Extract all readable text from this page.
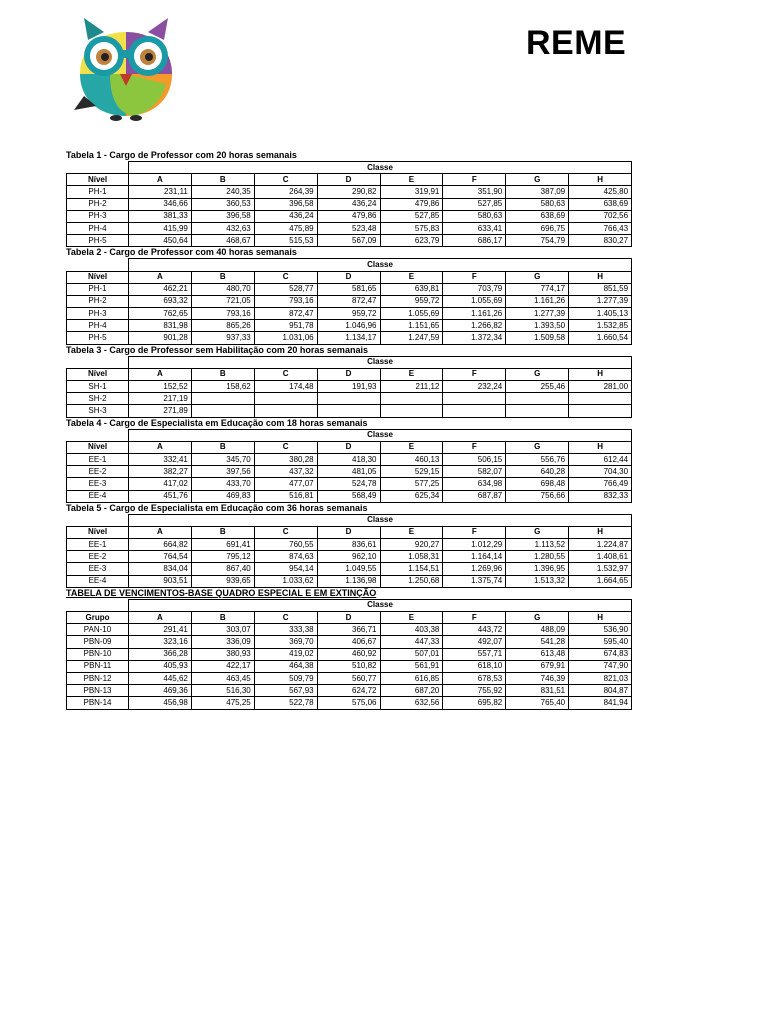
REME
Tabela 1 - Cargo de Professor com 20 horas semanais
	Classe							
Nível	A	B	C	D	E	F	G	H
PH-1	231,11	240,35	264,39	290,82	319,91	351,90	387,09	425,80
PH-2	346,66	360,53	396,58	436,24	479,86	527,85	580,63	638,69
PH-3	381,33	396,58	436,24	479,86	527,85	580,63	638,69	702,56
PH-4	415,99	432,63	475,89	523,48	575,83	633,41	696,75	766,43
PH-5	450,64	468,67	515,53	567,09	623,79	686,17	754,79	830,27
Tabela 2 - Cargo de Professor com 40 horas semanais
	Classe							
Nível	A	B	C	D	E	F	G	H
PH-1	462,21	480,70	528,77	581,65	639,81	703,79	774,17	851,59
PH-2	693,32	721,05	793,16	872,47	959,72	1.055,69	1.161,26	1.277,39
PH-3	762,65	793,16	872,47	959,72	1.055,69	1.161,26	1.277,39	1.405,13
PH-4	831,98	865,26	951,78	1.046,96	1.151,65	1.266,82	1.393,50	1.532,85
PH-5	901,28	937,33	1.031,06	1.134,17	1.247,59	1.372,34	1.509,58	1.660,54
Tabela 3 - Cargo de Professor sem Habilitação com 20 horas semanais
	Classe							
Nível	A	B	C	D	E	F	G	H
SH-1	152,52	158,62	174,48	191,93	211,12	232,24	255,46	281,00
SH-2	217,19							
SH-3	271,89							
Tabela 4 - Cargo de Especialista em Educação com 18 horas semanais
	Classe							
Nível	A	B	C	D	E	F	G	H
EE-1	332,41	345,70	380,28	418,30	460,13	506,15	556,76	612,44
EE-2	382,27	397,56	437,32	481,05	529,15	582,07	640,28	704,30
EE-3	417,02	433,70	477,07	524,78	577,25	634,98	698,48	766,49
EE-4	451,76	469,83	516,81	568,49	625,34	687,87	756,66	832,33
Tabela 5 - Cargo de Especialista em Educação com 36 horas semanais
	Classe							
Nível	A	B	C	D	E	F	G	H
EE-1	664,82	691,41	760,55	836,61	920,27	1.012,29	1.113,52	1.224,87
EE-2	764,54	795,12	874,63	962,10	1.058,31	1.164,14	1.280,55	1.408,61
EE-3	834,04	867,40	954,14	1.049,55	1.154,51	1.269,96	1.396,95	1.532,97
EE-4	903,51	939,65	1.033,62	1.136,98	1.250,68	1.375,74	1.513,32	1.664,65
TABELA DE VENCIMENTOS-BASE QUADRO ESPECIAL E EM EXTINÇÃO
	Classe							
Grupo	A	B	C	D	E	F	G	H
PAN-10	291,41	303,07	333,38	366,71	403,38	443,72	488,09	536,90
PBN-09	323,16	336,09	369,70	406,67	447,33	492,07	541,28	595,40
PBN-10	366,28	380,93	419,02	460,92	507,01	557,71	613,48	674,83
PBN-11	405,93	422,17	464,38	510,82	561,91	618,10	679,91	747,90
PBN-12	445,62	463,45	509,79	560,77	616,85	678,53	746,39	821,03
PBN-13	469,36	516,30	567,93	624,72	687,20	755,92	831,51	804,87
PBN-14	456,98	475,25	522,78	575,06	632,56	695,82	765,40	841,94
